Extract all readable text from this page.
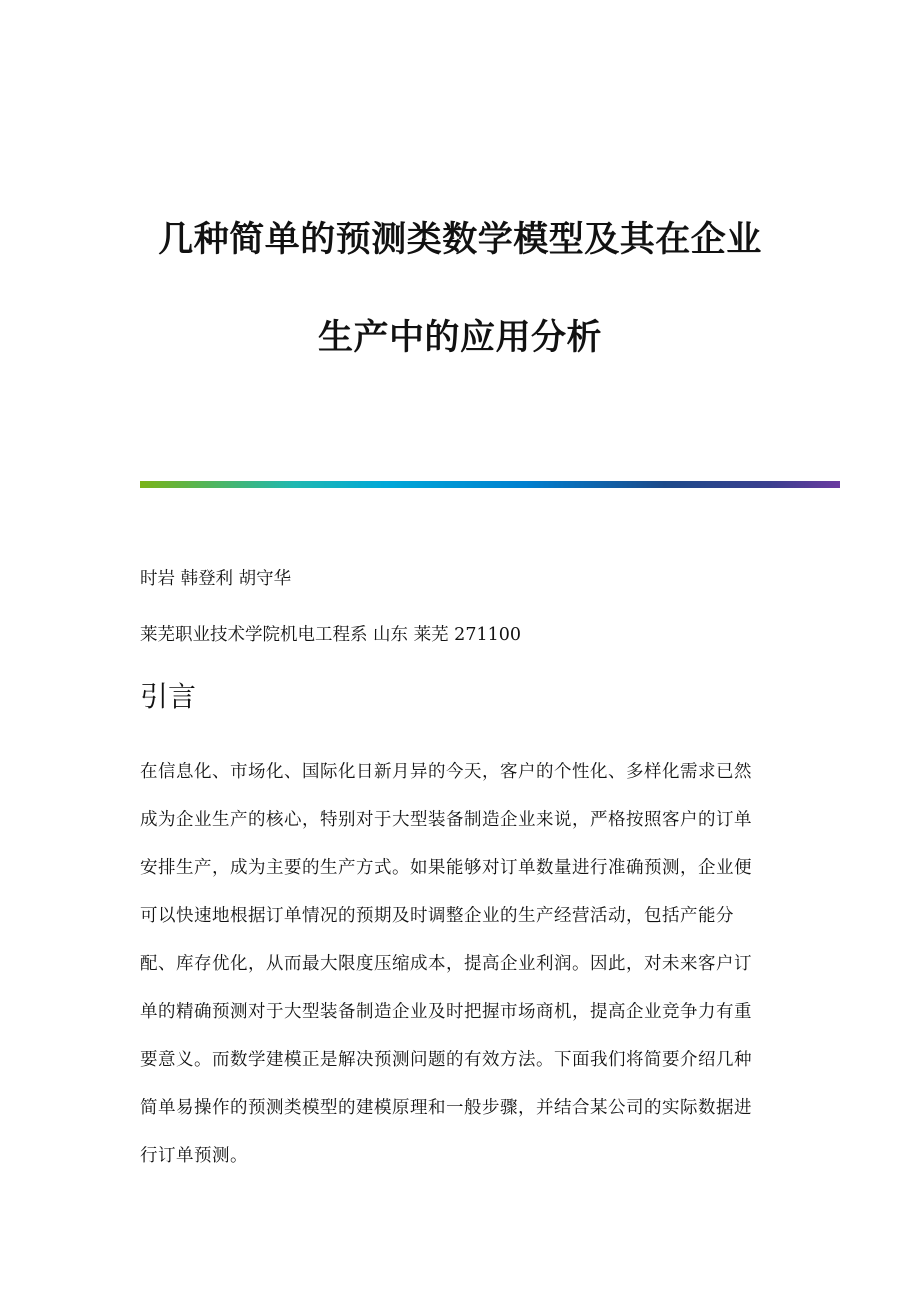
几种简单的预测类数学模型及其在企业
生产中的应用分析
时岩 韩登利 胡守华
莱芜职业技术学院机电工程系 山东 莱芜 271100
引言
在信息化、市场化、国际化日新月异的今天，客户的个性化、多样化需求已然
成为企业生产的核心，特别对于大型装备制造企业来说，严格按照客户的订单
安排生产，成为主要的生产方式。如果能够对订单数量进行准确预测，企业便
可以快速地根据订单情况的预期及时调整企业的生产经营活动，包括产能分
配、库存优化，从而最大限度压缩成本，提高企业利润。因此，对未来客户订
单的精确预测对于大型装备制造企业及时把握市场商机，提高企业竞争力有重
要意义。而数学建模正是解决预测问题的有效方法。下面我们将简要介绍几种
简单易操作的预测类模型的建模原理和一般步骤，并结合某公司的实际数据进
行订单预测。
